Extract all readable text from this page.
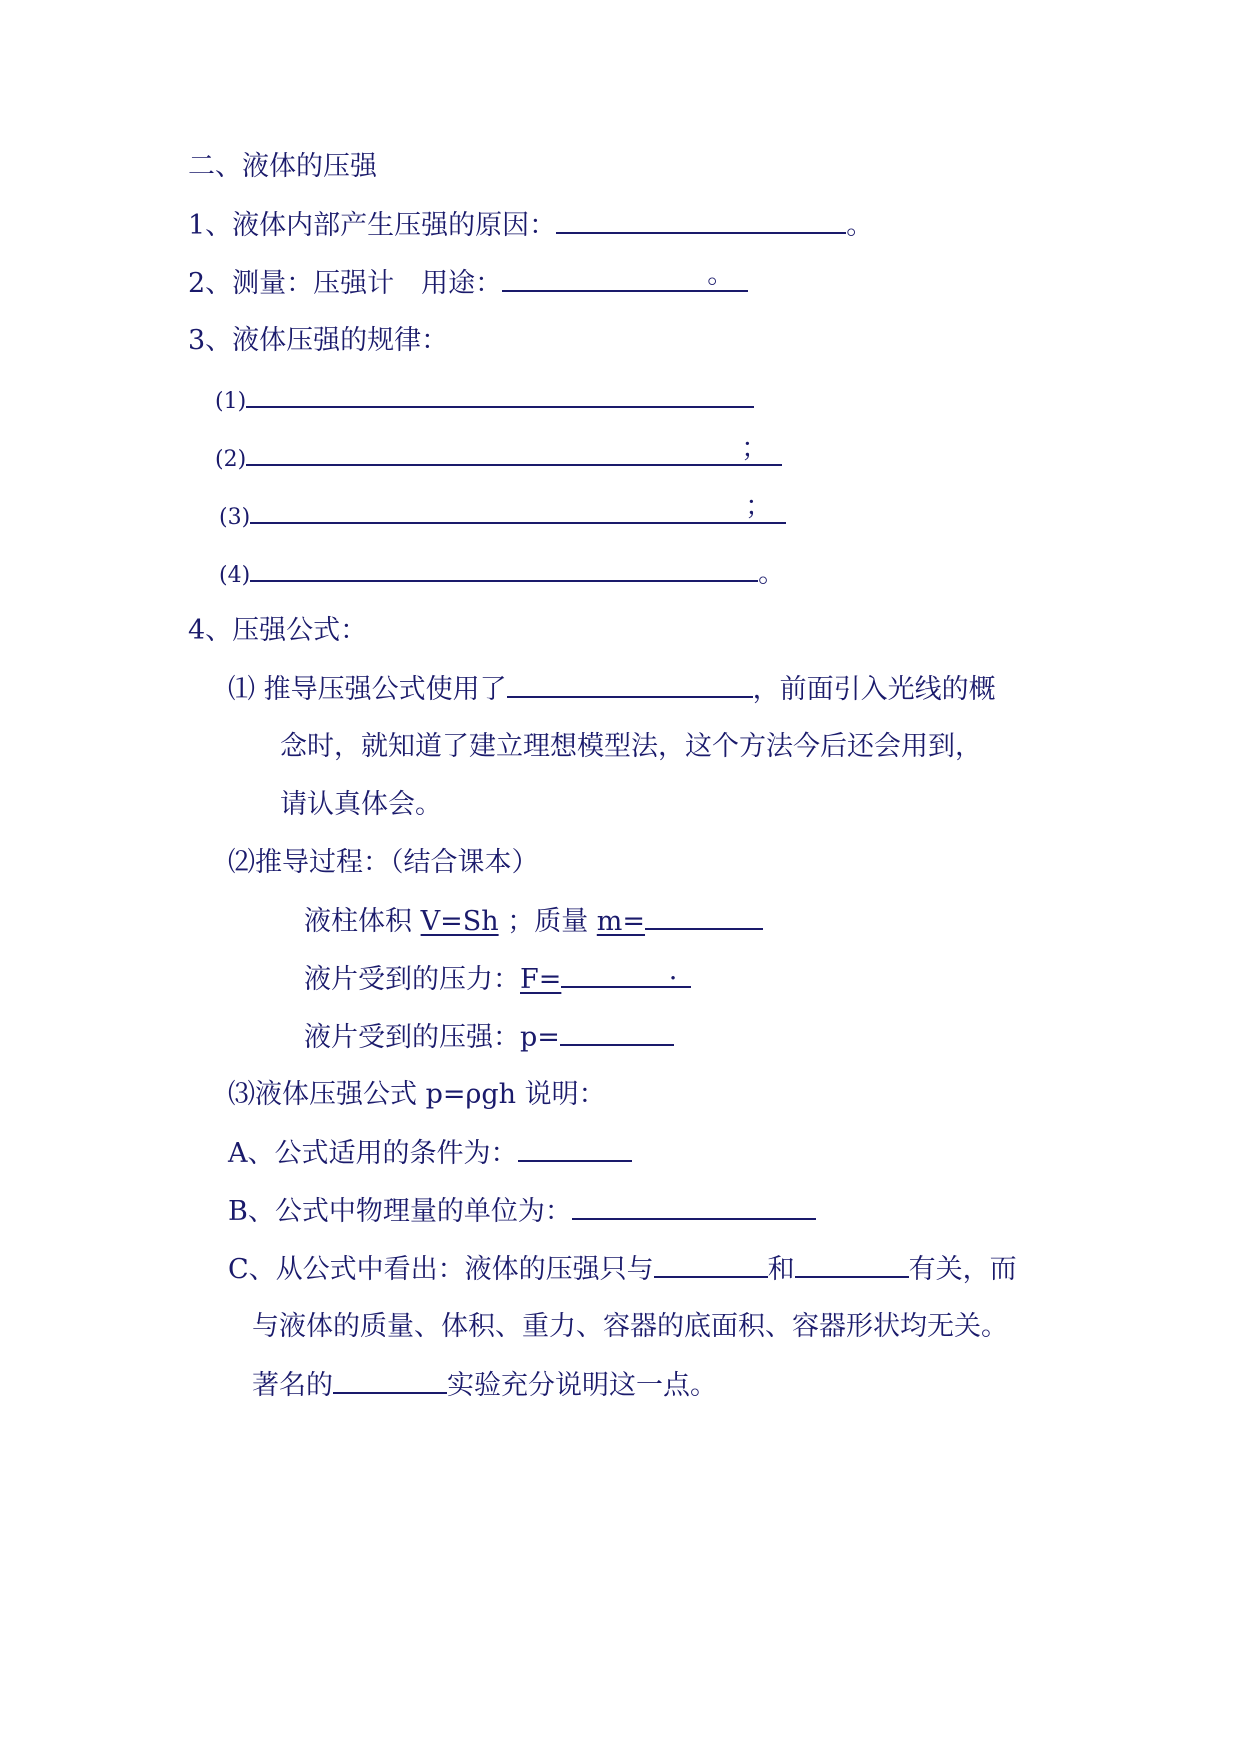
二、液体的压强
1、液体内部产生压强的原因：	。
2、测量：压强计　用途：	。
3、液体压强的规律：
(1)
(2)	；
(3)	；
(4)	。
4、压强公式：
⑴ 推导压强公式使用了	，前面引入光线的概
念时，就知道了建立理想模型法，这个方法今后还会用到，
请认真体会。
⑵推导过程：（结合课本）
液柱体积 V=Sh ；质量 m=
液片受到的压力：F=	.
液片受到的压强：p=
⑶液体压强公式 p=ρgh 说明：
A、公式适用的条件为：
B、公式中物理量的单位为：
C、从公式中看出：液体的压强只与	和	有关，而
与液体的质量、体积、重力、容器的底面积、容器形状均无关。
著名的	实验充分说明这一点。
